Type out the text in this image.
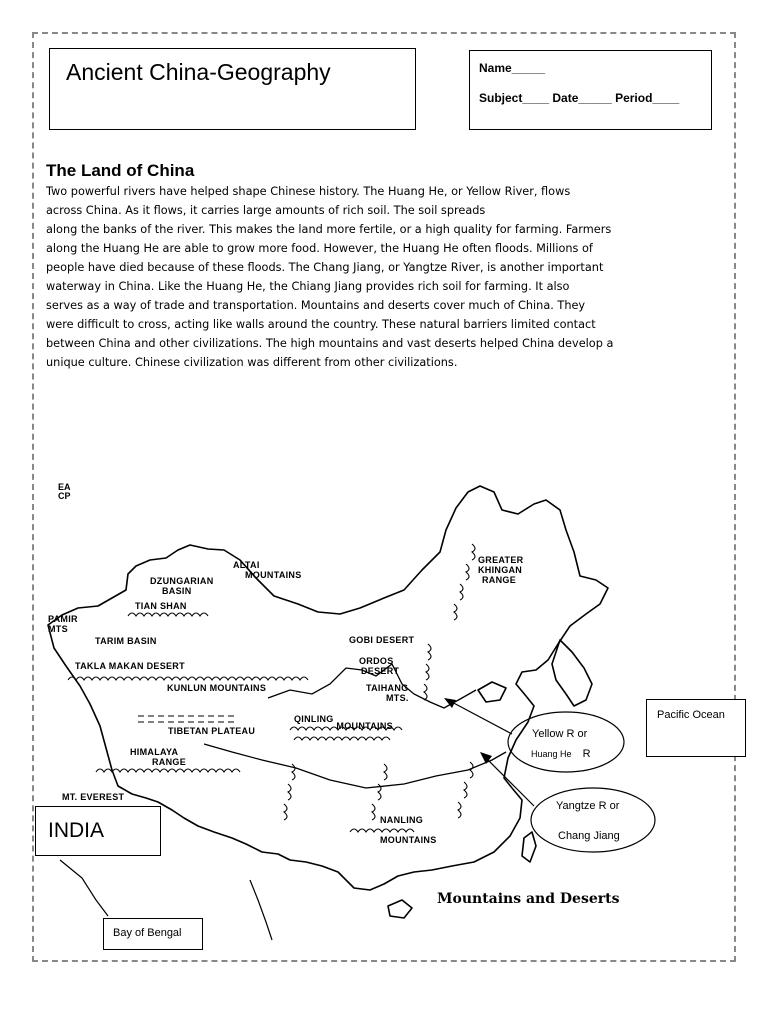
Ancient China-Geography	Name_____
Subject____ Date_____ Period____
The Land of China
Two powerful rivers have helped shape Chinese history. The Huang He, or Yellow River, flows
across China. As it flows, it carries large amounts of rich soil. The soil spreads
along the banks of the river. This makes the land more fertile, or a high quality for farming. Farmers
along the Huang He are able to grow more food. However, the Huang He often floods. Millions of
people have died because of these floods. The Chang Jiang, or Yangtze River, is another important
waterway in China. Like the Huang He, the Chiang Jiang provides rich soil for farming. It also
serves as a way of trade and transportation. Mountains and deserts cover much of China. They
were difficult to cross, acting like walls around the country. These natural barriers limited contact
between China and other civilizations. The high mountains and vast deserts helped China develop a
unique culture. Chinese civilization was different from other civilizations.
EA
CP
ALTAI
MOUNTAINS
DZUNGARIAN
BASIN
TIAN SHAN
PAMIR
MTS
TARIM BASIN
TAKLA MAKAN DESERT
KUNLUN MOUNTAINS
TIBETAN PLATEAU
HIMALAYA
RANGE
MT. EVEREST
GOBI DESERT
ORDOS
DESERT
TAIHANG
MTS.
QINLING MOUNTAINS
GREATER
KHINGAN
RANGE
NANLING
MOUNTAINS
Mountains and Deserts
INDIA
Bay of Bengal
Pacific Ocean
Yellow R or
Huang He R
Yangtze R or
Chang Jiang
